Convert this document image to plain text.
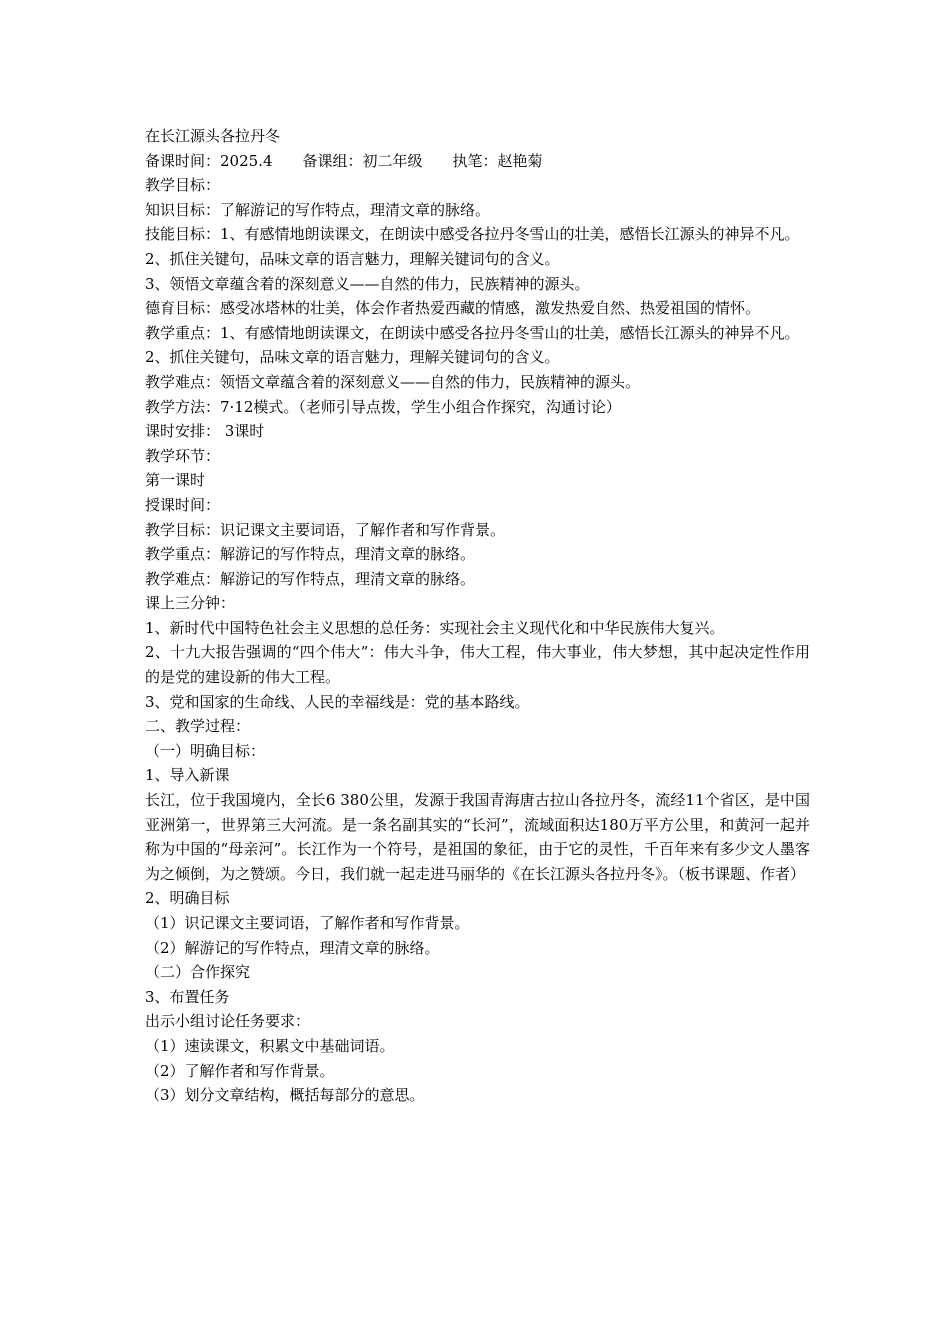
在长江源头各拉丹冬
备课时间：2025.4　　备课组：初二年级　　执笔：赵艳菊
教学目标：
知识目标：了解游记的写作特点，理清文章的脉络。
技能目标：1、有感情地朗读课文，在朗读中感受各拉丹冬雪山的壮美，感悟长江源头的神异不凡。
2、抓住关键句，品味文章的语言魅力，理解关键词句的含义。
3、领悟文章蕴含着的深刻意义——自然的伟力，民族精神的源头。
德育目标：感受冰塔林的壮美，体会作者热爱西藏的情感，激发热爱自然、热爱祖国的情怀。
教学重点：1、有感情地朗读课文，在朗读中感受各拉丹冬雪山的壮美，感悟长江源头的神异不凡。
2、抓住关键句，品味文章的语言魅力，理解关键词句的含义。
教学难点：领悟文章蕴含着的深刻意义——自然的伟力，民族精神的源头。
教学方法：7·12模式。（老师引导点拨，学生小组合作探究，沟通讨论）
课时安排： 3课时
教学环节：
第一课时
授课时间：
教学目标：识记课文主要词语，了解作者和写作背景。
教学重点：解游记的写作特点，理清文章的脉络。
教学难点：解游记的写作特点，理清文章的脉络。
课上三分钟：
1、新时代中国特色社会主义思想的总任务：实现社会主义现代化和中华民族伟大复兴。
2、十九大报告强调的“四个伟大”：伟大斗争，伟大工程，伟大事业，伟大梦想，其中起决定性作用的是党的建设新的伟大工程。
3、党和国家的生命线、人民的幸福线是：党的基本路线。
二、教学过程：
（一）明确目标：
1、导入新课
长江，位于我国境内，全长6 380公里，发源于我国青海唐古拉山各拉丹冬，流经11个省区，是中国亚洲第一，世界第三大河流。是一条名副其实的“长河”，流域面积达180万平方公里，和黄河一起并称为中国的“母亲河”。长江作为一个符号，是祖国的象征，由于它的灵性，千百年来有多少文人墨客为之倾倒，为之赞颂。今日，我们就一起走进马丽华的《在长江源头各拉丹冬》。（板书课题、作者）
2、明确目标
（1）识记课文主要词语，了解作者和写作背景。
（2）解游记的写作特点，理清文章的脉络。
（二）合作探究
3、布置任务
出示小组讨论任务要求：
（1）速读课文，积累文中基础词语。
（2）了解作者和写作背景。
（3）划分文章结构，概括每部分的意思。
